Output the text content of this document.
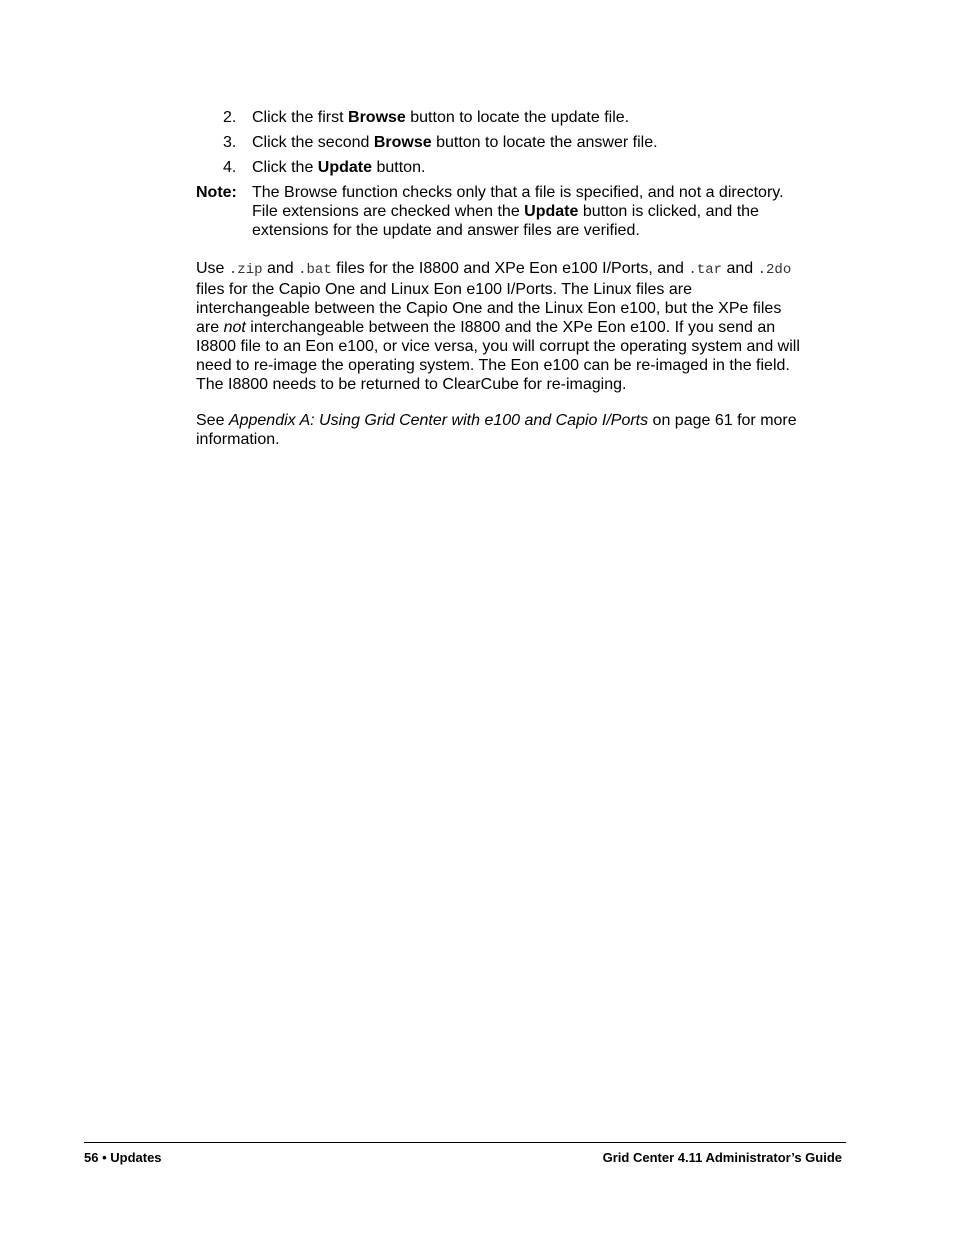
2. Click the first Browse button to locate the update file.
3. Click the second Browse button to locate the answer file.
4. Click the Update button.
Note: The Browse function checks only that a file is specified, and not a directory.
File extensions are checked when the Update button is clicked, and the
extensions for the update and answer files are verified.
Use .zip and .bat files for the I8800 and XPe Eon e100 I/Ports, and .tar and .2do
files for the Capio One and Linux Eon e100 I/Ports. The Linux files are
interchangeable between the Capio One and the Linux Eon e100, but the XPe files
are not interchangeable between the I8800 and the XPe Eon e100. If you send an
I8800 file to an Eon e100, or vice versa, you will corrupt the operating system and will
need to re-image the operating system. The Eon e100 can be re-imaged in the field.
The I8800 needs to be returned to ClearCube for re-imaging.
See Appendix A: Using Grid Center with e100 and Capio I/Ports on page 61 for more
information.
56 • Updates	Grid Center 4.11 Administrator’s Guide
